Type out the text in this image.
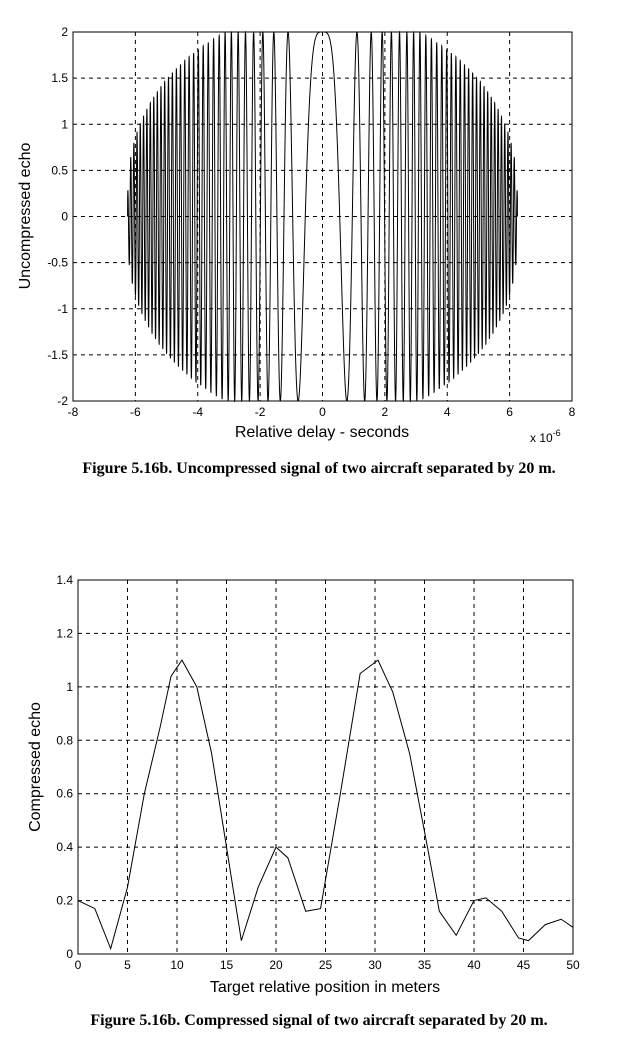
-8	-6	-4	-2	0	2	4	6	8
-2
-1.5
-1
-0.5
0
0.5
1
1.5
2
Relative delay - seconds
Uncompressed echo
x $10^{-6}$
Figure 5.16b. Uncompressed signal of two aircraft separated by 20 m.
0	5	10	15	20	25	30	35	40	45	50
0
0.2
0.4
0.6
0.8
1
1.2
1.4
Target relative position in meters
Compressed echo
Figure 5.16b. Compressed signal of two aircraft separated by 20 m.
